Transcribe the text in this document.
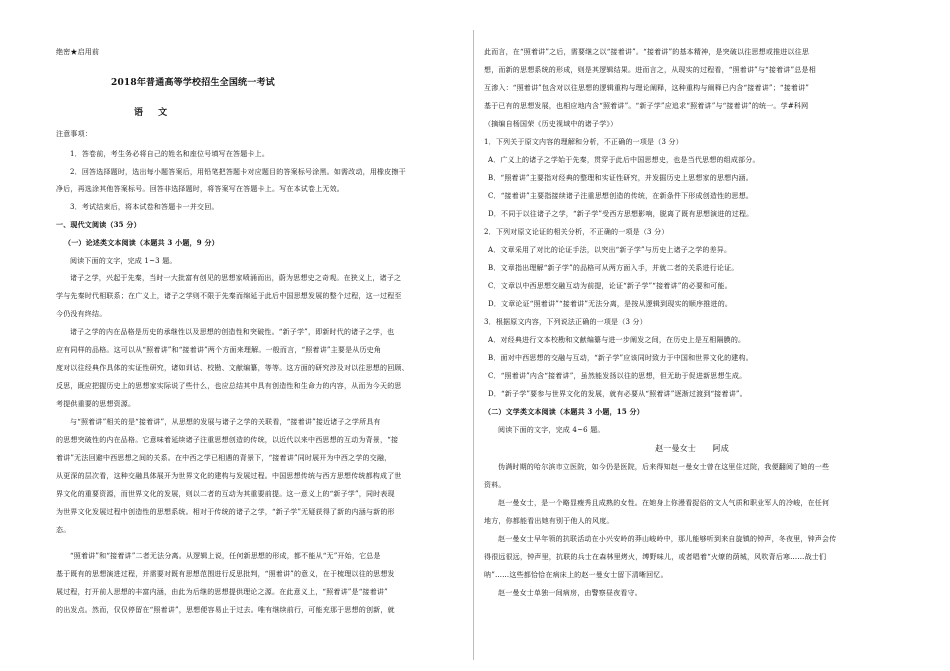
绝密★启用前
2018年普通高等学校招生全国统一考试
语 文
注意事项：
1．答卷前，考生务必将自己的姓名和座位号填写在答题卡上。
2．回答选择题时，选出每小题答案后，用铅笔把答题卡对应题目的答案标号涂黑。如需改动，用橡皮擦干
净后，再选涂其他答案标号。回答非选择题时，将答案写在答题卡上。写在本试卷上无效。
3．考试结束后，将本试卷和答题卡一并交回。
一、现代文阅读（35 分）
（一）论述类文本阅读（本题共 3 小题，9 分）
阅读下面的文字，完成 1~3 题。
诸子之学，兴起于先秦，当时一大批富有创见的思想家喷涌而出，蔚为思想史之奇观。在狭义上，诸子之
学与先秦时代相联系；在广义上，诸子之学则不限于先秦而绵延于此后中国思想发展的整个过程，这一过程至
今仍没有终结。
诸子之学的内在品格是历史的承继性以及思想的创造性和突破性。“新子学”，即新时代的诸子之学，也
应有同样的品格。这可以从“照着讲”和“接着讲”两个方面来理解。一般而言，“照着讲”主要是从历史角
度对以往经典作具体的实证性研究，诸如训诂、校勘、文献编纂，等等。这方面的研究涉及对以往思想的回顾、
反思，既应把握历史上的思想家实际说了些什么，也应总结其中具有创造性和生命力的内容，从而为今天的思
考提供重要的思想资源。
与“照着讲”相关的是“接着讲”，从思想的发展与诸子之学的关联看，“接着讲”接近诸子之学所具有
的思想突破性的内在品格。它意味着延续诸子注重思想创造的传统，以近代以来中西思想的互动为背景，“接
着讲”无法回避中西思想之间的关系。在中西之学已相遇的背景下，“接着讲”同时展开为中西之学的交融，
从更深的层次看，这种交融具体展开为世界文化的建构与发展过程。中国思想传统与西方思想传统都构成了世
界文化的重要资源，而世界文化的发展，则以二者的互动为其重要前提。这一意义上的“新子学”，同时表现
为世界文化发展过程中创造性的思想系统。相对于传统的诸子之学，“新子学”无疑获得了新的内涵与新的形
态。
“照着讲”和“接着讲”二者无法分离。从逻辑上说，任何新思想的形成，都不能从“无”开始，它总是
基于既有的思想演进过程，并需要对既有思想范围进行反思批判，“照着讲”的意义，在于梳理以往的思想发
展过程，打开前人思想的丰富内涵，由此为后继的思想提供理论之源。在此意义上，“照着讲”是“接着讲”
的出发点。然而，仅仅停留在“照着讲”，思想便容易止于过去。唯有继续前行，可能充那于思想的创新，就
此而言，在“照着讲”之后，需要继之以“接着讲”。“接着讲”的基本精神，是突破以往思想或推进以往思
想，而新的思想系统的形成，则是其逻辑结果。进而言之，从现实的过程看，“照着讲”与“接着讲”总是相
互渗入：“照着讲”包含对以往思想的逻辑重构与理论阐释，这种重构与阐释已内含“接着讲”；“接着讲”
基于已有的思想发展，也相应地内含“照着讲”。“新子学”应追求“照着讲”与“接着讲”的统一。学#科网
（摘编自杨国荣《历史视域中的诸子学》）
1．下列关于原文内容的理解和分析，不正确的一项是（3 分）
A．广义上的诸子之学始于先秦，贯穿于此后中国思想史，也是当代思想的组成部分。
B．“照着讲”主要指对经典的整理和实证性研究，并发掘历史上思想家的思想内涵。
C．“接着讲”主要指接续诸子注重思想创造的传统，在新条件下形成创造性的思想。
D．不同于以往诸子之学，“新子学”受西方思想影响，脱离了既有思想演进的过程。
2．下列对原文论证的相关分析，不正确的一项是（3 分）
A．文章采用了对比的论证手法，以突出“新子学”与历史上诸子之学的差异。
B．文章指出理解“新子学”的品格可从两方面入手，并就二者的关系进行论证。
C．文章以中西思想交融互动为前提，论证“新子学”“接着讲”的必要和可能。
D．文章论证“照着讲”“接着讲”无法分离，是按从逻辑到现实的顺序推进的。
3．根据原文内容，下列说法正确的一项是（3 分）
A．对经典进行文本校勘和文献编纂与进一步阐发之间，在历史上是互相隔膜的。
B．面对中西思想的交融与互动，“新子学”应该同时致力于中国和世界文化的建构。
C．“照着讲”内含“接着讲”，虽然能发扬以往的思想，但无助于促进新思想生成。
D．“新子学”要参与世界文化的发展，就有必要从“照着讲”逐渐过渡到“接着讲”。
（二）文学类文本阅读（本题共 3 小题，15 分）
阅读下面的文字，完成 4~6 题。
赵一曼女士　　阿成
伪满时期的哈尔滨市立医院，如今仍是医院，后来得知赵一曼女士曾在这里住过院，我便翻阅了她的一些
资料。
赵一曼女士，是一个略显瘦秀且成熟的女性。在她身上你漫看捉俗的文人气质和职业军人的冷峻，在任何
地方，你都能看出她有别于他人的风度。
赵一曼女士早年领的抗联活动在小兴安岭的莽山峻岭中，那儿能够听到来自旋镇的钟声，冬夜里，钟声会传
得很远很远，钟声里，抗联的兵士在森林里烤火，缚野味儿，或者唱着“火燎的荫城，风吹背后寒……战士们
呐”……这些都恰恰在病床上的赵一曼女士留下清晰回忆。
赵一曼女士单独一间病房，由警察昼夜看守。
